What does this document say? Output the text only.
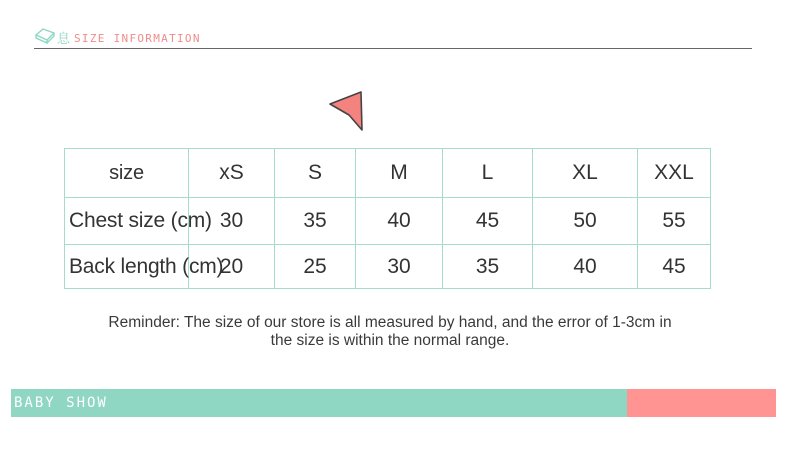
息 SIZE INFORMATION
size	xS	S	M	L	XL	XXL
Chest size (cm)	30	35	40	45	50	55
Back length (cm)	20	25	30	35	40	45
Reminder: The size of our store is all measured by hand, and the error of 1-3cm in
the size is within the normal range.
BABY SHOW
